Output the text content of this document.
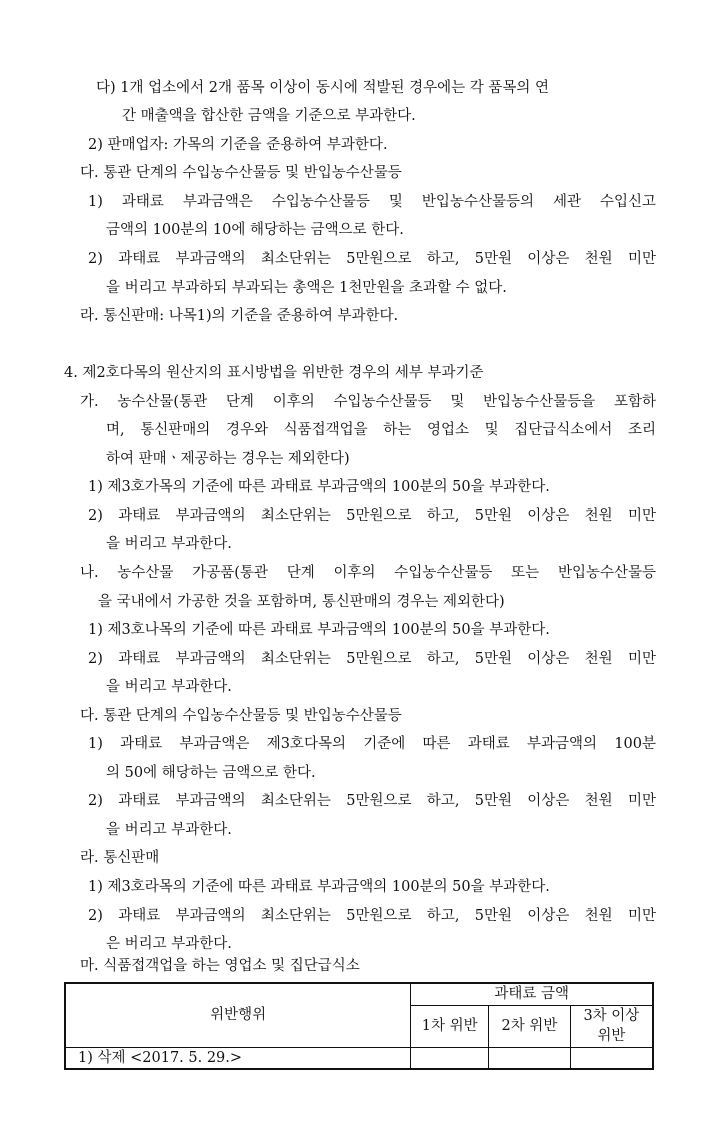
다) 1개 업소에서 2개 품목 이상이 동시에 적발된 경우에는 각 품목의 연
간 매출액을 합산한 금액을 기준으로 부과한다.
2) 판매업자: 가목의 기준을 준용하여 부과한다.
다. 통관 단계의 수입농수산물등 및 반입농수산물등
1) 과태료 부과금액은 수입농수산물등 및 반입농수산물등의 세관 수입신고
금액의 100분의 10에 해당하는 금액으로 한다.
2) 과태료 부과금액의 최소단위는 5만원으로 하고, 5만원 이상은 천원 미만
을 버리고 부과하되 부과되는 총액은 1천만원을 초과할 수 없다.
라. 통신판매: 나목1)의 기준을 준용하여 부과한다.
4. 제2호다목의 원산지의 표시방법을 위반한 경우의 세부 부과기준
가. 농수산물(통관 단계 이후의 수입농수산물등 및 반입농수산물등을 포함하
며, 통신판매의 경우와 식품접객업을 하는 영업소 및 집단급식소에서 조리
하여 판매ㆍ제공하는 경우는 제외한다)
1) 제3호가목의 기준에 따른 과태료 부과금액의 100분의 50을 부과한다.
2) 과태료 부과금액의 최소단위는 5만원으로 하고, 5만원 이상은 천원 미만
을 버리고 부과한다.
나. 농수산물 가공품(통관 단계 이후의 수입농수산물등 또는 반입농수산물등
을 국내에서 가공한 것을 포함하며, 통신판매의 경우는 제외한다)
1) 제3호나목의 기준에 따른 과태료 부과금액의 100분의 50을 부과한다.
2) 과태료 부과금액의 최소단위는 5만원으로 하고, 5만원 이상은 천원 미만
을 버리고 부과한다.
다. 통관 단계의 수입농수산물등 및 반입농수산물등
1) 과태료 부과금액은 제3호다목의 기준에 따른 과태료 부과금액의 100분
의 50에 해당하는 금액으로 한다.
2) 과태료 부과금액의 최소단위는 5만원으로 하고, 5만원 이상은 천원 미만
을 버리고 부과한다.
라. 통신판매
1) 제3호라목의 기준에 따른 과태료 부과금액의 100분의 50을 부과한다.
2) 과태료 부과금액의 최소단위는 5만원으로 하고, 5만원 이상은 천원 미만
은 버리고 부과한다.
마. 식품접객업을 하는 영업소 및 집단급식소
위반행위	과태료 금액		
	1차 위반	2차 위반	3차 이상
위반

1) 삭제 <2017. 5. 29.>			
